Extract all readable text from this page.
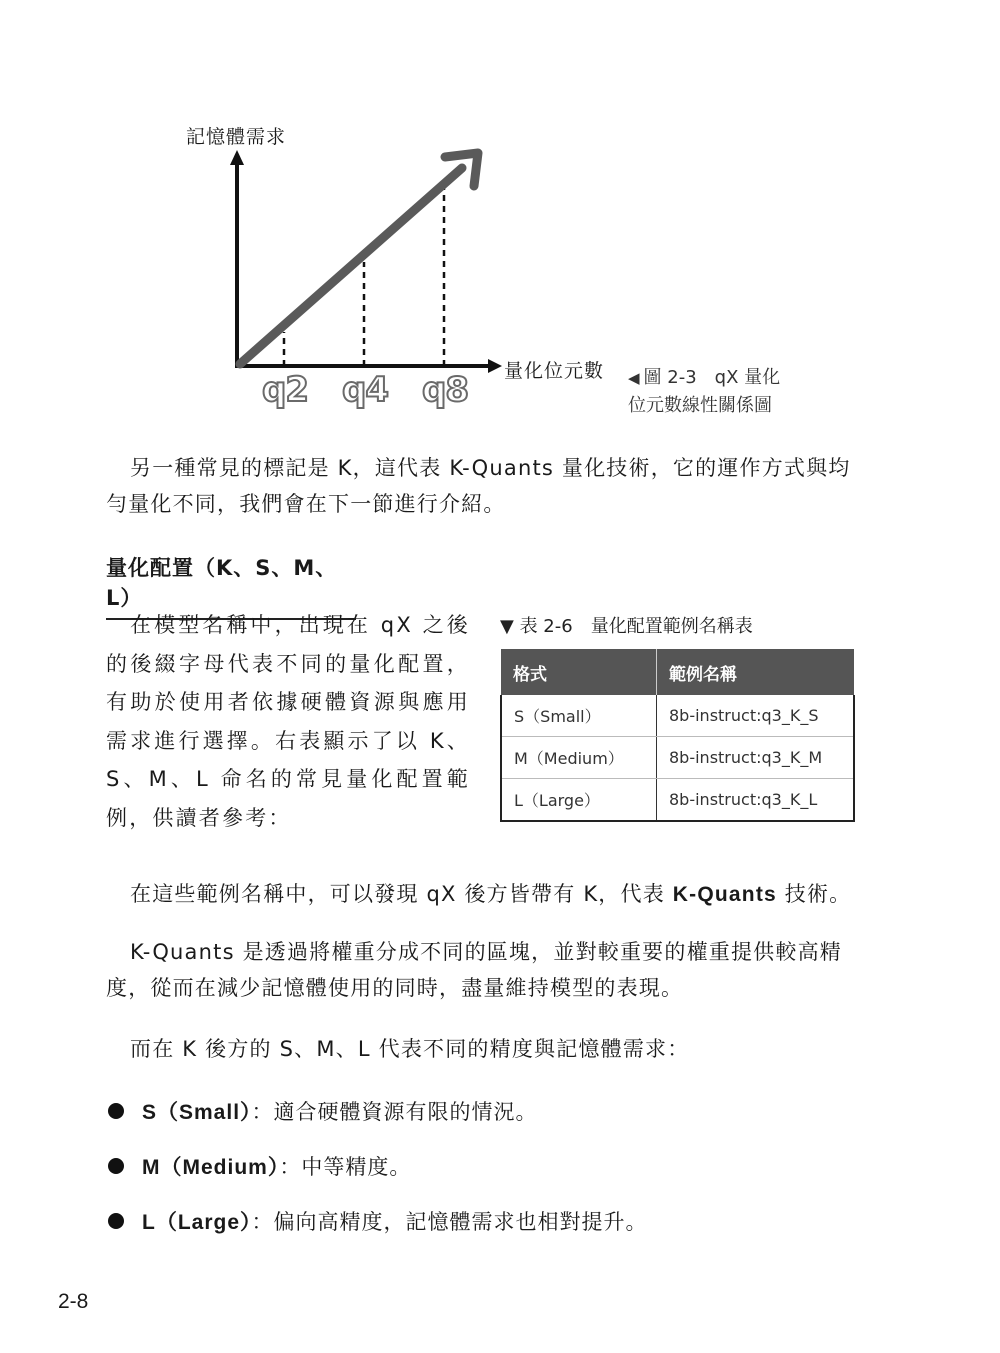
記憶體需求
量化位元數
q2 q4 q8	◀ 圖 2-3　qX 量化
位元數線性關係圖
另一種常見的標記是 K，這代表 K-Quants 量化技術，它的運作方式與均勻量化不同，我們會在下一節進行介紹。
量化配置（K、S、M、L）
在模型名稱中，出現在 qX 之後的後綴字母代表不同的量化配置，有助於使用者依據硬體資源與應用需求進行選擇。右表顯示了以 K、S、M、L 命名的常見量化配置範例，供讀者參考：
▼ 表 2-6　量化配置範例名稱表
格式	範例名稱
S（Small）	8b-instruct:q3_K_S
M（Medium）	8b-instruct:q3_K_M
L（Large）	8b-instruct:q3_K_L
在這些範例名稱中，可以發現 qX 後方皆帶有 K，代表 K-Quants 技術。
K-Quants 是透過將權重分成不同的區塊，並對較重要的權重提供較高精度，從而在減少記憶體使用的同時，盡量維持模型的表現。
而在 K 後方的 S、M、L 代表不同的精度與記憶體需求：
S（Small）：適合硬體資源有限的情況。
M（Medium）：中等精度。
L（Large）：偏向高精度，記憶體需求也相對提升。
2-8
